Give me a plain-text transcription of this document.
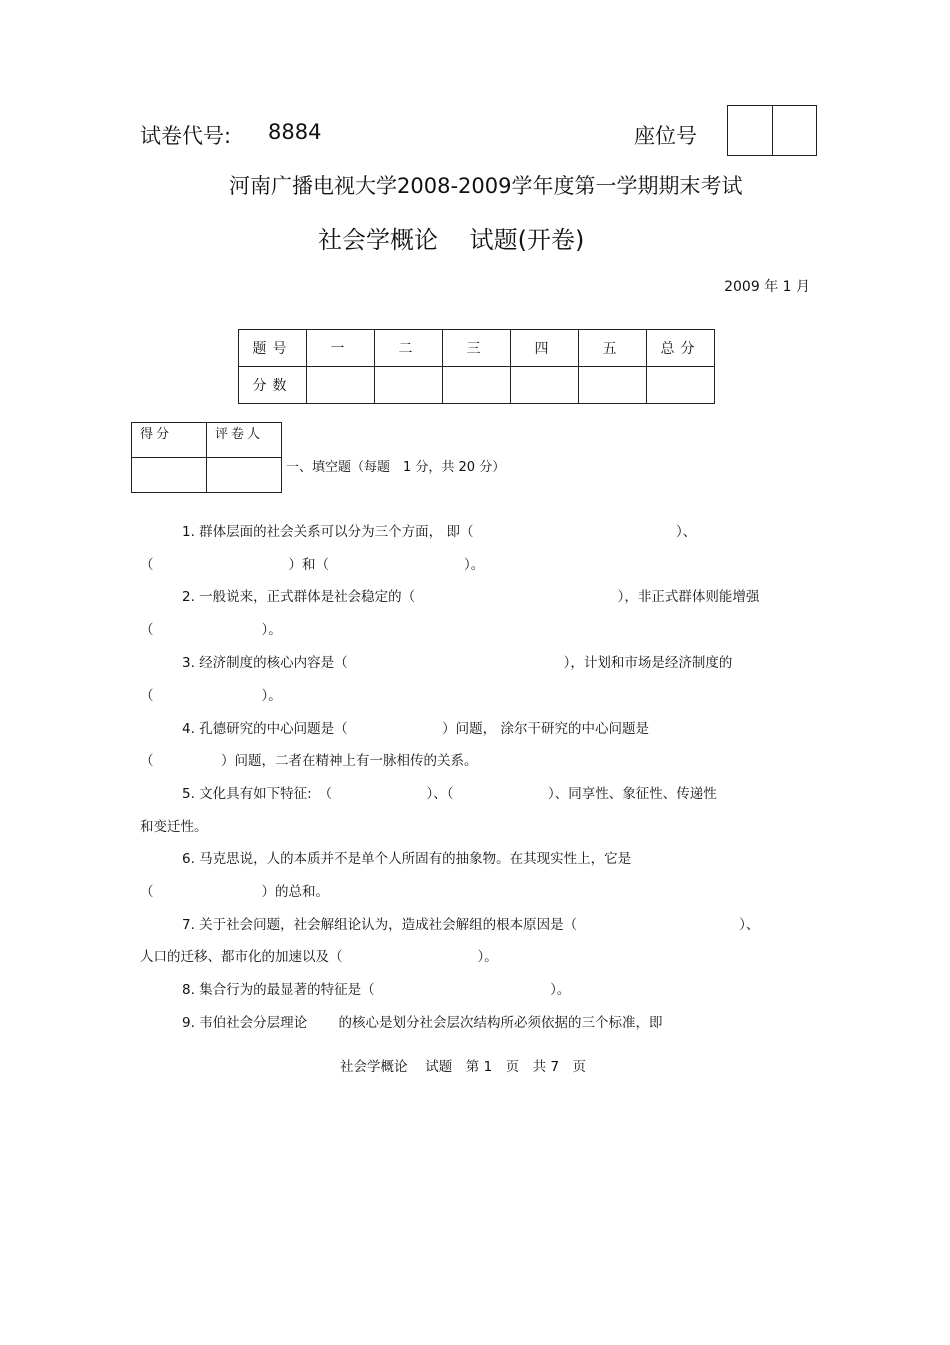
试卷代号: 8884	座位号
河南广播电视大学2008-2009学年度第一学期期末考试
社会学概论　 试题(开卷)
2009 年 1 月
题号	一	二	三	四	五	总分
分数						
得分	评卷人

一、填空题（每题　1 分，共 20 分）
1. 群体层面的社会关系可以分为三个方面， 即（　　　　　　　　　　　　　　　）、
（　　　　　　　　　　）和（　　　　　　　　　　）。
2. 一般说来，正式群体是社会稳定的（　　　　　　　　　　　　　　　），非正式群体则能增强
（　　　　　　　　）。
3. 经济制度的核心内容是（　　　　　　　　　　　　　　　　），计划和市场是经济制度的
（　　　　　　　　）。
4. 孔德研究的中心问题是（　　　　　　　）问题， 涂尔干研究的中心问题是
（　　　　　）问题，二者在精神上有一脉相传的关系。
5. 文化具有如下特征:　（　　　　　　　）、（　　　　　　　）、同享性、象征性、传递性
和变迁性。
6. 马克思说，人的本质并不是单个人所固有的抽象物。在其现实性上，它是
（　　　　　　　　）的总和。
7. 关于社会问题，社会解组论认为，造成社会解组的根本原因是（　　　　　　　　　　　　）、
人口的迁移、都市化的加速以及（　　　　　　　　　　）。
8. 集合行为的最显著的特征是（　　　　　　　　　　　　　）。
9. 韦伯社会分层理论　　 的核心是划分社会层次结构所必须依据的三个标准，即
社会学概论　 试题　第 1　页　共 7　页
